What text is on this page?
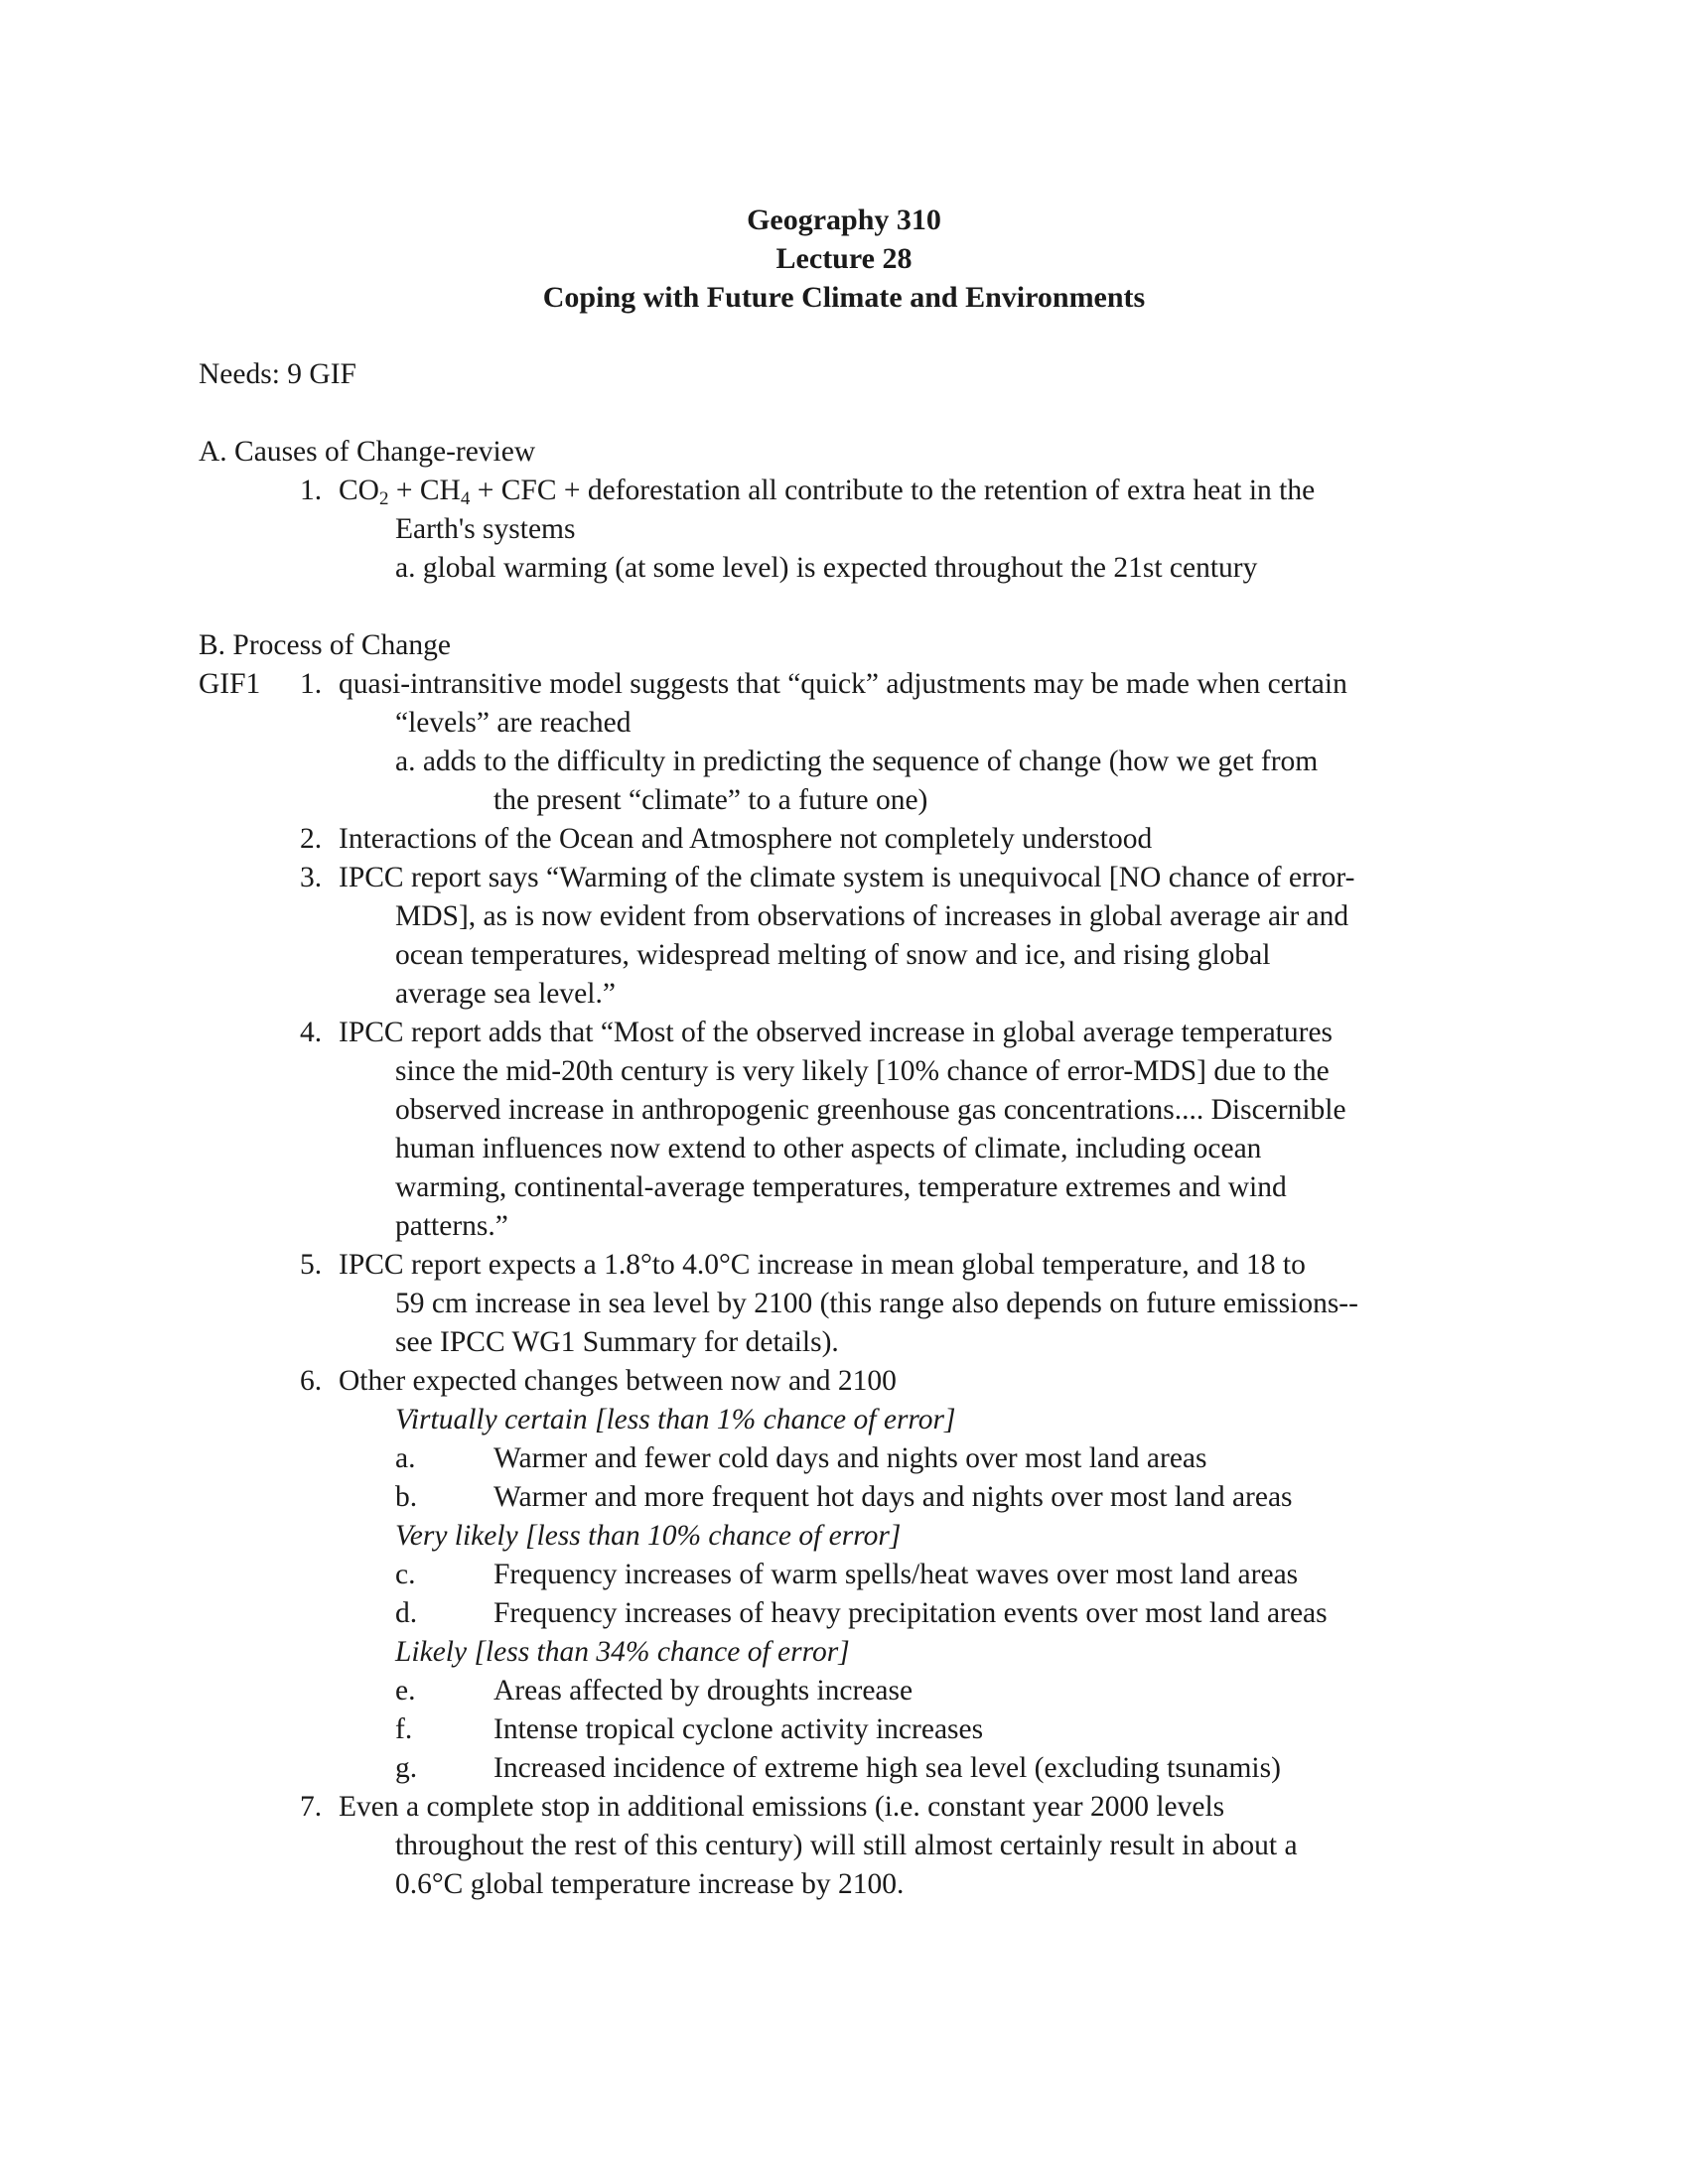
Geography 310
Lecture 28
Coping with Future Climate and Environments
Needs: 9 GIF
A. Causes of Change-review
1. $CO_2 + CH_4$ + CFC + deforestation all contribute to the retention of extra heat in the
Earth's systems
a. global warming (at some level) is expected throughout the 21st century
B. Process of Change
GIF1 1. quasi-intransitive model suggests that “quick” adjustments may be made when certain
“levels” are reached
a. adds to the difficulty in predicting the sequence of change (how we get from
the present “climate” to a future one)
2. Interactions of the Ocean and Atmosphere not completely understood
3. IPCC report says “Warming of the climate system is unequivocal [NO chance of error-
MDS], as is now evident from observations of increases in global average air and
ocean temperatures, widespread melting of snow and ice, and rising global
average sea level.”
4. IPCC report adds that “Most of the observed increase in global average temperatures
since the mid-20th century is very likely [10% chance of error-MDS] due to the
observed increase in anthropogenic greenhouse gas concentrations.... Discernible
human influences now extend to other aspects of climate, including ocean
warming, continental-average temperatures, temperature extremes and wind
patterns.”
5. IPCC report expects a 1.8°to 4.0°C increase in mean global temperature, and 18 to
59 cm increase in sea level by 2100 (this range also depends on future emissions--
see IPCC WG1 Summary for details).
6. Other expected changes between now and 2100
Virtually certain [less than 1% chance of error]
a.	Warmer and fewer cold days and nights over most land areas
b.	Warmer and more frequent hot days and nights over most land areas
Very likely [less than 10% chance of error]
c.	Frequency increases of warm spells/heat waves over most land areas
d.	Frequency increases of heavy precipitation events over most land areas
Likely [less than 34% chance of error]
e.	Areas affected by droughts increase
f.	Intense tropical cyclone activity increases
g.	Increased incidence of extreme high sea level (excluding tsunamis)
7. Even a complete stop in additional emissions (i.e. constant year 2000 levels
throughout the rest of this century) will still almost certainly result in about a
0.6°C global temperature increase by 2100.
